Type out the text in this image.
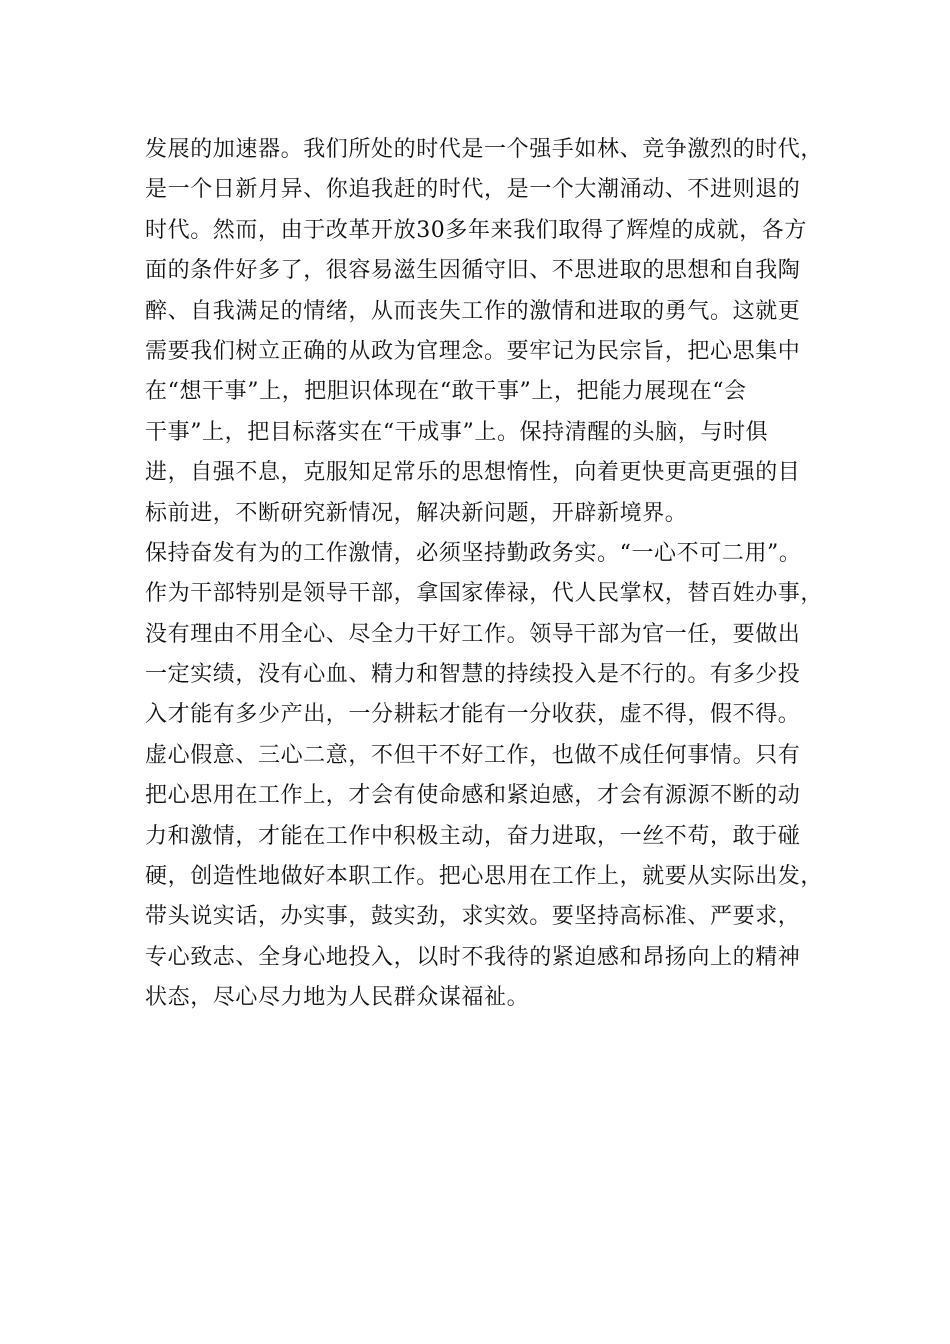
发展的加速器。我们所处的时代是一个强手如林、竞争激烈的时代，
是一个日新月异、你追我赶的时代，是一个大潮涌动、不进则退的
时代。然而，由于改革开放30多年来我们取得了辉煌的成就，各方
面的条件好多了，很容易滋生因循守旧、不思进取的思想和自我陶
醉、自我满足的情绪，从而丧失工作的激情和进取的勇气。这就更
需要我们树立正确的从政为官理念。要牢记为民宗旨，把心思集中
在“想干事”上，把胆识体现在“敢干事”上，把能力展现在“会
干事”上，把目标落实在“干成事”上。保持清醒的头脑，与时俱
进，自强不息，克服知足常乐的思想惰性，向着更快更高更强的目
标前进，不断研究新情况，解决新问题，开辟新境界。
保持奋发有为的工作激情，必须坚持勤政务实。“一心不可二用”。
作为干部特别是领导干部，拿国家俸禄，代人民掌权，替百姓办事，
没有理由不用全心、尽全力干好工作。领导干部为官一任，要做出
一定实绩，没有心血、精力和智慧的持续投入是不行的。有多少投
入才能有多少产出，一分耕耘才能有一分收获，虚不得，假不得。
虚心假意、三心二意，不但干不好工作，也做不成任何事情。只有
把心思用在工作上，才会有使命感和紧迫感，才会有源源不断的动
力和激情，才能在工作中积极主动，奋力进取，一丝不苟，敢于碰
硬，创造性地做好本职工作。把心思用在工作上，就要从实际出发，
带头说实话，办实事，鼓实劲，求实效。要坚持高标准、严要求，
专心致志、全身心地投入，以时不我待的紧迫感和昂扬向上的精神
状态，尽心尽力地为人民群众谋福祉。
